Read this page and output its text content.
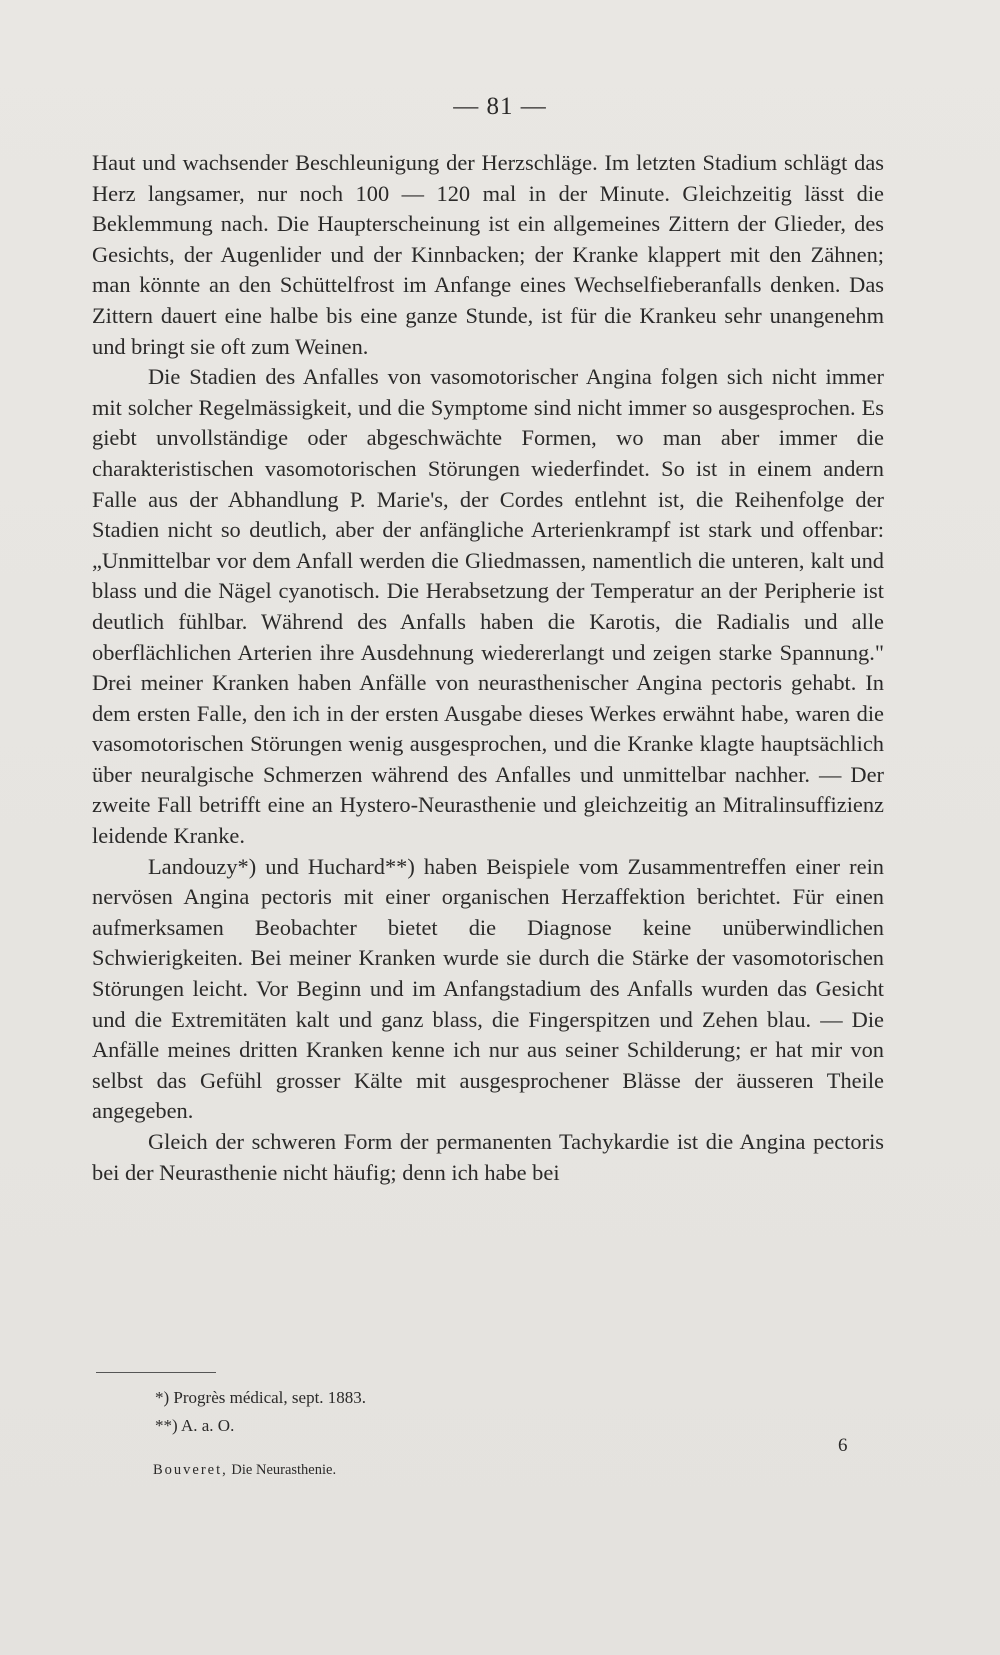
— 81 —

Haut und wachsender Beschleunigung der Herzschläge. Im letzten Stadium schlägt das Herz langsamer, nur noch 100 — 120 mal in der Minute. Gleichzeitig lässt die Beklemmung nach. Die Haupterscheinung ist ein allgemeines Zittern der Glieder, des Gesichts, der Augenlider und der Kinnbacken; der Kranke klappert mit den Zähnen; man könnte an den Schüttelfrost im Anfange eines Wechselfieberanfalls denken. Das Zittern dauert eine halbe bis eine ganze Stunde, ist für die Krankeu sehr unangenehm und bringt sie oft zum Weinen.

Die Stadien des Anfalles von vasomotorischer Angina folgen sich nicht immer mit solcher Regelmässigkeit, und die Symptome sind nicht immer so ausgesprochen. Es giebt unvollständige oder abgeschwächte Formen, wo man aber immer die charakteristischen vasomotorischen Störungen wiederfindet. So ist in einem andern Falle aus der Abhandlung P. Marie's, der Cordes entlehnt ist, die Reihenfolge der Stadien nicht so deutlich, aber der anfängliche Arterienkrampf ist stark und offenbar: „Unmittelbar vor dem Anfall werden die Gliedmassen, namentlich die unteren, kalt und blass und die Nägel cyanotisch. Die Herabsetzung der Temperatur an der Peripherie ist deutlich fühlbar. Während des Anfalls haben die Karotis, die Radialis und alle oberflächlichen Arterien ihre Ausdehnung wiedererlangt und zeigen starke Spannung." Drei meiner Kranken haben Anfälle von neurasthenischer Angina pectoris gehabt. In dem ersten Falle, den ich in der ersten Ausgabe dieses Werkes erwähnt habe, waren die vasomotorischen Störungen wenig ausgesprochen, und die Kranke klagte hauptsächlich über neuralgische Schmerzen während des Anfalles und unmittelbar nachher. — Der zweite Fall betrifft eine an Hystero-Neurasthenie und gleichzeitig an Mitralinsuffizienz leidende Kranke.

Landouzy*) und Huchard**) haben Beispiele vom Zusammentreffen einer rein nervösen Angina pectoris mit einer organischen Herzaffektion berichtet. Für einen aufmerksamen Beobachter bietet die Diagnose keine unüberwindlichen Schwierigkeiten. Bei meiner Kranken wurde sie durch die Stärke der vasomotorischen Störungen leicht. Vor Beginn und im Anfangstadium des Anfalls wurden das Gesicht und die Extremitäten kalt und ganz blass, die Fingerspitzen und Zehen blau. — Die Anfälle meines dritten Kranken kenne ich nur aus seiner Schilderung; er hat mir von selbst das Gefühl grosser Kälte mit ausgesprochener Blässe der äusseren Theile angegeben.

Gleich der schweren Form der permanenten Tachykardie ist die Angina pectoris bei der Neurasthenie nicht häufig; denn ich habe bei

*) Progrès médical, sept. 1883.

**) A. a. O.

6
Bouveret, Die Neurasthenie.
